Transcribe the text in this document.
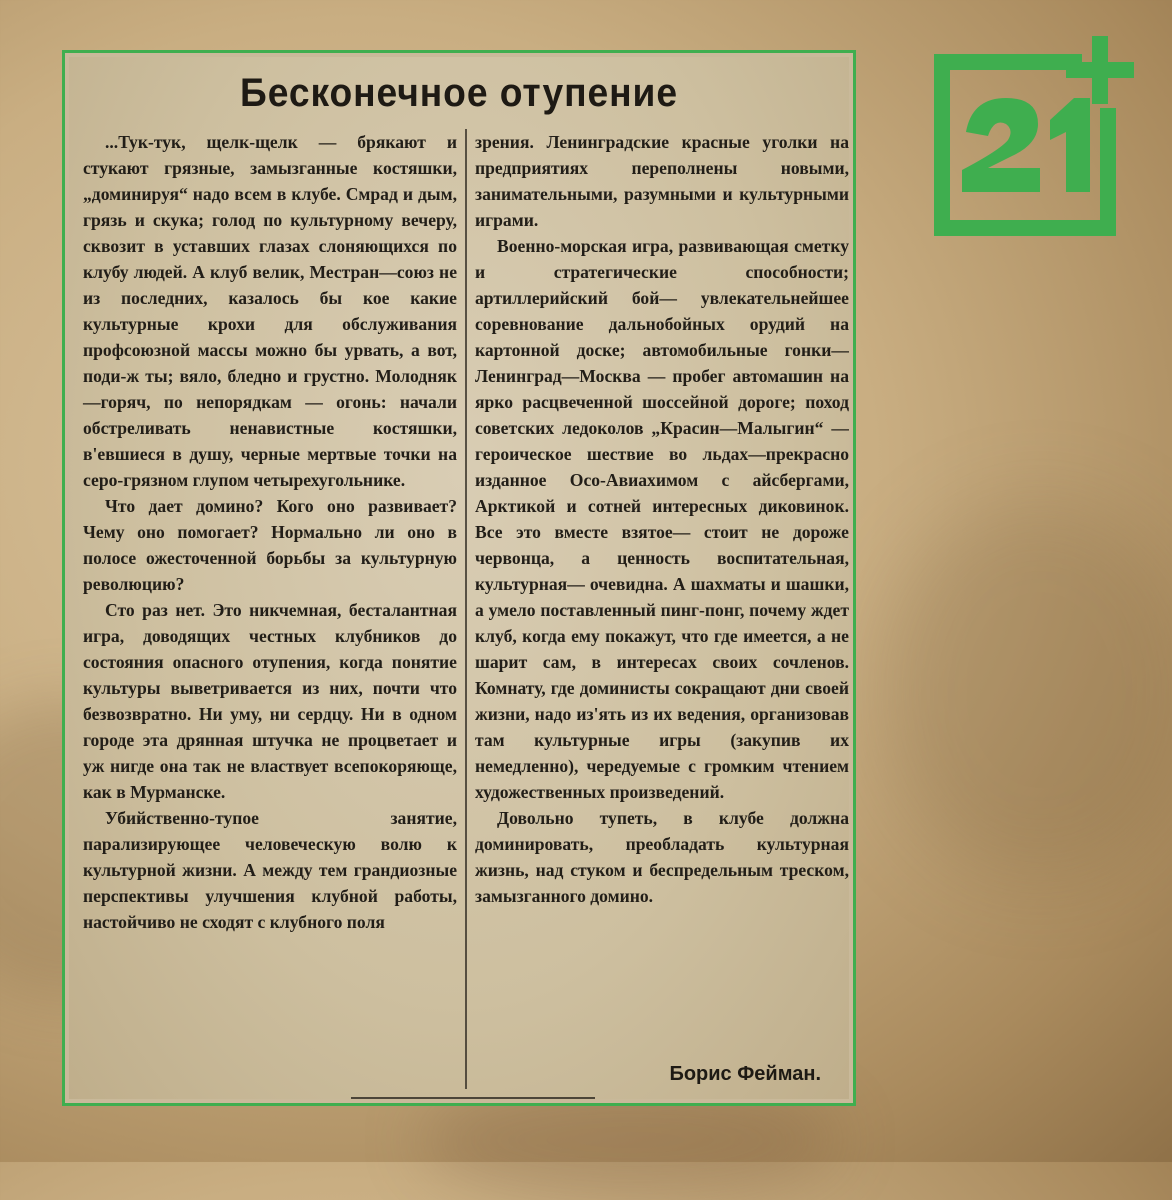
Бесконечное отупение

...Тук-тук, щелк-щелк — брякают и стукают грязные, замызганные костяшки, „доминируя“ надо всем в клубе. Смрад и дым, грязь и скука; голод по культурному вечеру, сквозит в уставших глазах слоняющихся по клубу людей. А клуб велик, Местран—союз не из последних, казалось бы кое какие культурные крохи для обслуживания профсоюзной массы можно бы урвать, а вот, поди-ж ты; вяло, бледно и грустно. Молодняк—горяч, по непорядкам — огонь: начали обстреливать ненавистные костяшки, в'евшиеся в душу, черные мертвые точки на серо-грязном глупом четырехугольнике.

Что дает домино? Кого оно развивает? Чему оно помогает? Нормально ли оно в полосе ожесточенной борьбы за культурную революцию?

Сто раз нет. Это никчемная, бесталантная игра, доводящих честных клубников до состояния опасного отупения, когда понятие культуры выветривается из них, почти что безвозвратно. Ни уму, ни сердцу. Ни в одном городе эта дрянная штучка не процветает и уж нигде она так не властвует всепокоряюще, как в Мурманске.

Убийственно-тупое занятие, парализирующее человеческую волю к культурной жизни. А между тем грандиозные перспективы улучшения клубной работы, настойчиво не сходят с клубного поля

зрения. Ленинградские красные уголки на предприятиях переполнены новыми, занимательными, разумными и культурными играми.

Военно-морская игра, развивающая сметку и стратегические способности; артиллерийский бой— увлекательнейшее соревнование дальнобойных орудий на картонной доске; автомобильные гонки—Ленинград—Москва — пробег автомашин на ярко расцвеченной шоссейной дороге; поход советских ледоколов „Красин—Малыгин“ — героическое шествие во льдах—прекрасно изданное Осо-Авиахимом с айсбергами, Арктикой и сотней интересных диковинок. Все это вместе взятое— стоит не дороже червонца, а ценность воспитательная, культурная— очевидна. А шахматы и шашки, а умело поставленный пинг-понг, почему ждет клуб, когда ему покажут, что где имеется, а не шарит сам, в интересах своих сочленов. Комнату, где доминисты сокращают дни своей жизни, надо из'ять из их ведения, организовав там культурные игры (закупив их немедленно), чередуемые с громким чтением художественных произведений.

Довольно тупеть, в клубе должна доминировать, преобладать культурная жизнь, над стуком и беспредельным треском, замызганного домино.

Борис Фейман.
